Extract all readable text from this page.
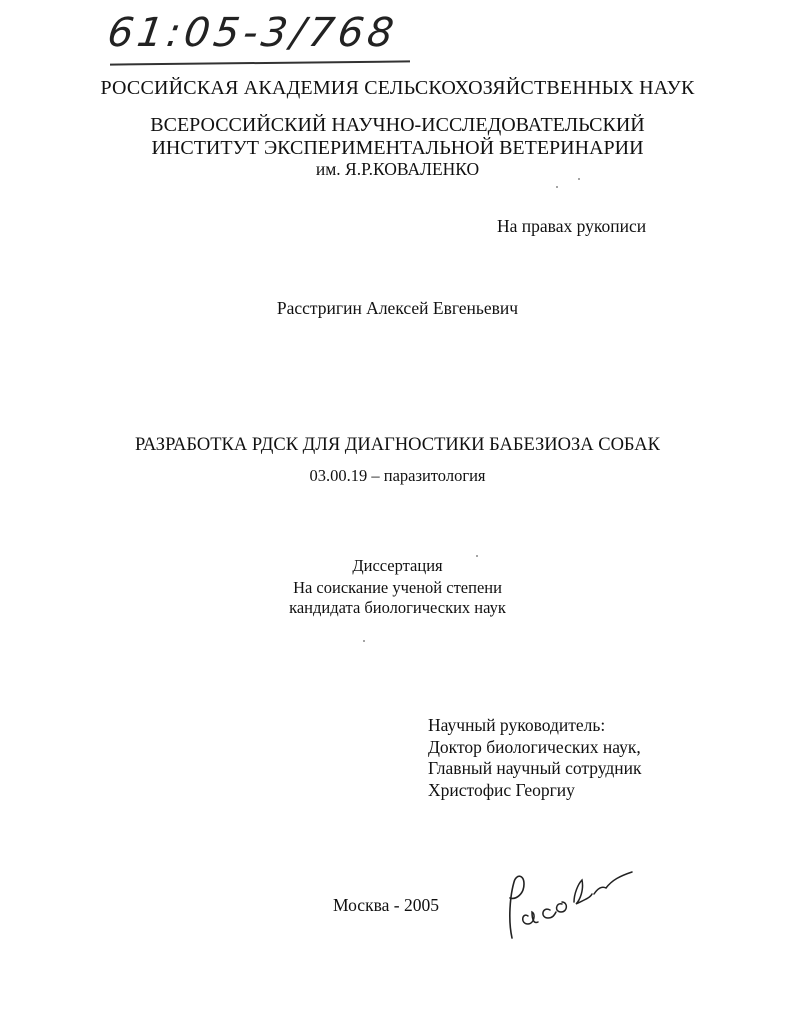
61:05-3/768
РОССИЙСКАЯ АКАДЕМИЯ СЕЛЬСКОХОЗЯЙСТВЕННЫХ НАУК
ВСЕРОССИЙСКИЙ НАУЧНО-ИССЛЕДОВАТЕЛЬСКИЙ
ИНСТИТУТ ЭКСПЕРИМЕНТАЛЬНОЙ ВЕТЕРИНАРИИ
им. Я.Р.КОВАЛЕНКО
На правах рукописи
Расстригин Алексей Евгеньевич
РАЗРАБОТКА РДСК ДЛЯ ДИАГНОСТИКИ БАБЕЗИОЗА СОБАК
03.00.19 – паразитология
Диссертация
На соискание ученой степени
кандидата биологических наук
Научный руководитель:
Доктор биологических наук,
Главный научный сотрудник
Христофис Георгиу
Москва - 2005
